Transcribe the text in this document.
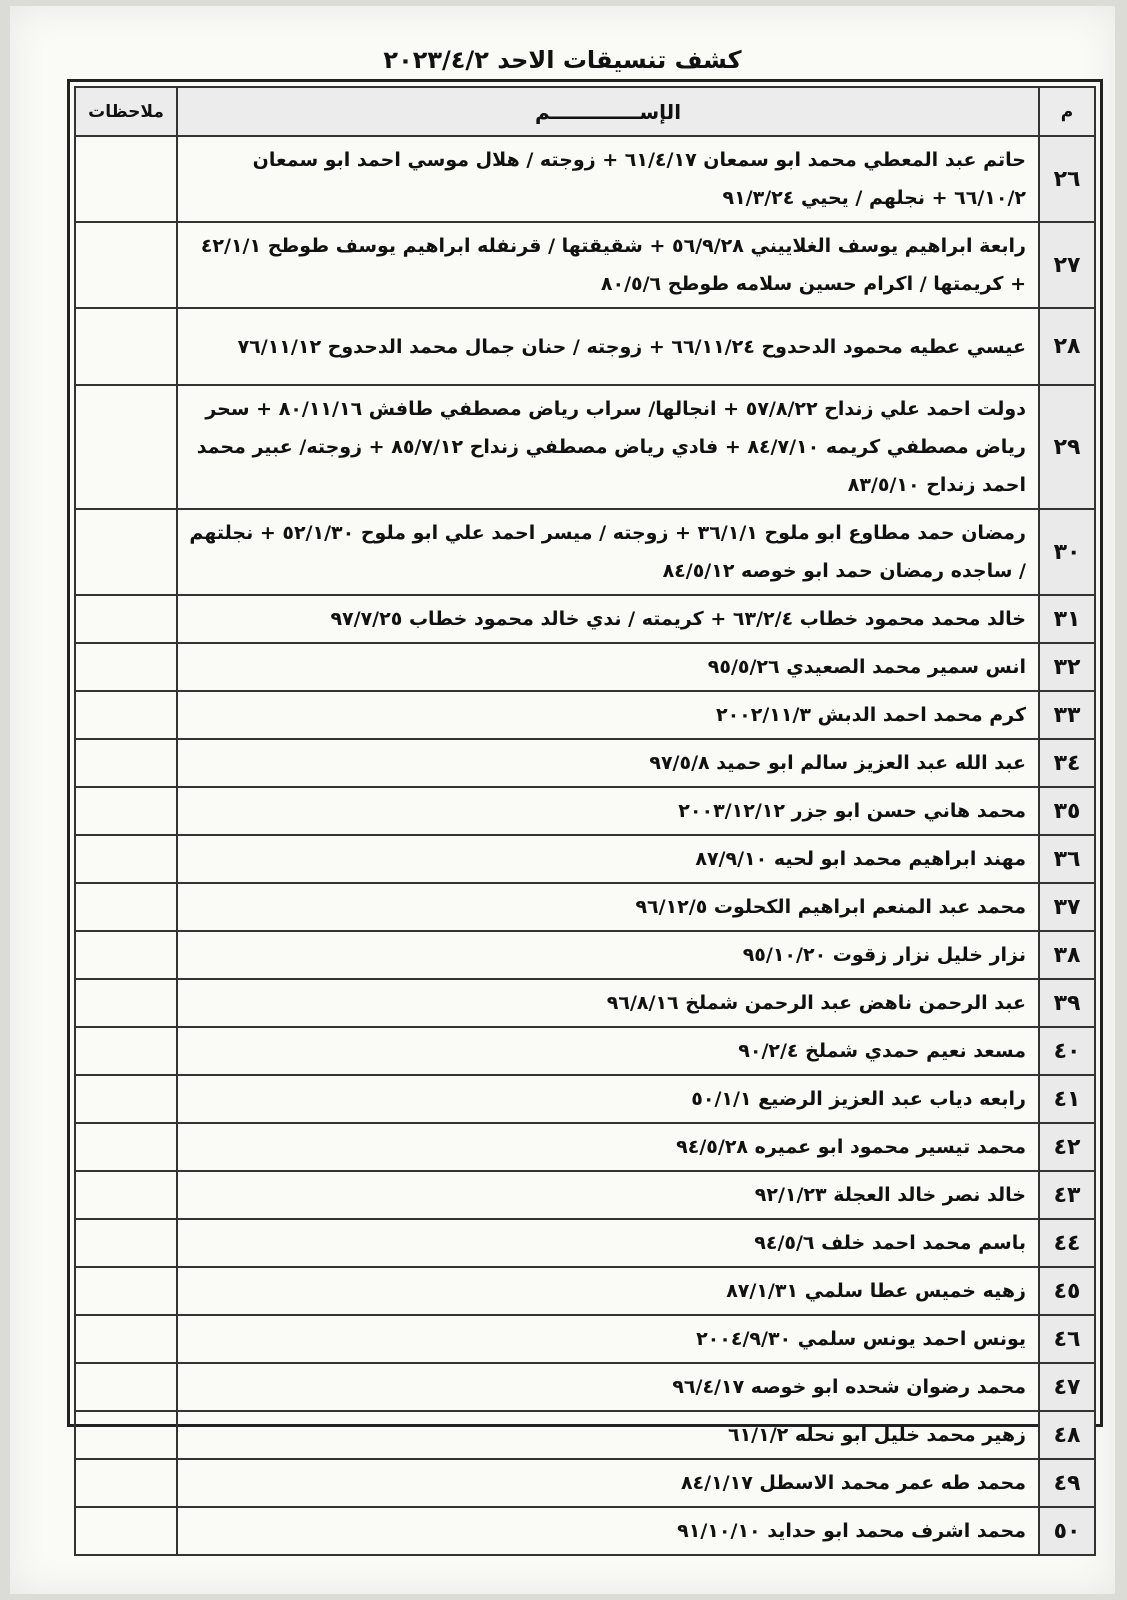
كشف تنسيقات الاحد ٢٠٢٣/٤/٢
م	الإســـــــــــــم	ملاحظات
٢٦	حاتم عبد المعطي محمد ابو سمعان ٦١/٤/١٧ + زوجته / هلال موسي احمد ابو سمعان ٦٦/١٠/٢ + نجلهم / يحيي ٩١/٣/٢٤	
٢٧	رابعة ابراهيم يوسف الغلاييني ٥٦/٩/٢٨ + شقيقتها / قرنفله ابراهيم يوسف طوطح ٤٢/١/١ + كريمتها / اكرام حسين سلامه طوطح ٨٠/٥/٦	
٢٨	عيسي عطيه محمود الدحدوح ٦٦/١١/٢٤ + زوجته / حنان جمال محمد الدحدوح ٧٦/١١/١٢	
٢٩	دولت احمد علي زنداح ٥٧/٨/٢٢ + انجالها/ سراب رياض مصطفي طافش ٨٠/١١/١٦ + سحر رياض مصطفي كريمه ٨٤/٧/١٠ + فادي رياض مصطفي زنداح ٨٥/٧/١٢ + زوجته/ عبير محمد احمد زنداح ٨٣/٥/١٠	
٣٠	رمضان حمد مطاوع ابو ملوح ٣٦/١/١ + زوجته / ميسر احمد علي ابو ملوح ٥٢/١/٣٠ + نجلتهم / ساجده رمضان حمد ابو خوصه ٨٤/٥/١٢	
٣١	خالد محمد محمود خطاب ٦٣/٢/٤ + كريمته / ندي خالد محمود خطاب ٩٧/٧/٢٥	
٣٢	انس سمير محمد الصعيدي ٩٥/٥/٢٦	
٣٣	كرم محمد احمد الدبش ٢٠٠٢/١١/٣	
٣٤	عبد الله عبد العزيز سالم ابو حميد ٩٧/٥/٨	
٣٥	محمد هاني حسن ابو جزر ٢٠٠٣/١٢/١٢	
٣٦	مهند ابراهيم محمد ابو لحيه ٨٧/٩/١٠	
٣٧	محمد عبد المنعم ابراهيم الكحلوت ٩٦/١٢/٥	
٣٨	نزار خليل نزار زقوت ٩٥/١٠/٢٠	
٣٩	عبد الرحمن ناهض عبد الرحمن شملخ ٩٦/٨/١٦	
٤٠	مسعد نعيم حمدي شملخ ٩٠/٢/٤	
٤١	رابعه دياب عبد العزيز الرضيع ٥٠/١/١	
٤٢	محمد تيسير محمود ابو عميره ٩٤/٥/٢٨	
٤٣	خالد نصر خالد العجلة ٩٢/١/٢٣	
٤٤	باسم محمد احمد خلف ٩٤/٥/٦	
٤٥	زهيه خميس عطا سلمي ٨٧/١/٣١	
٤٦	يونس احمد يونس سلمي ٢٠٠٤/٩/٣٠	
٤٧	محمد رضوان شحده ابو خوصه ٩٦/٤/١٧	
٤٨	زهير محمد خليل ابو نحله ٦١/١/٢	
٤٩	محمد طه عمر محمد الاسطل ٨٤/١/١٧	
٥٠	محمد اشرف محمد ابو حدايد ٩١/١٠/١٠	
